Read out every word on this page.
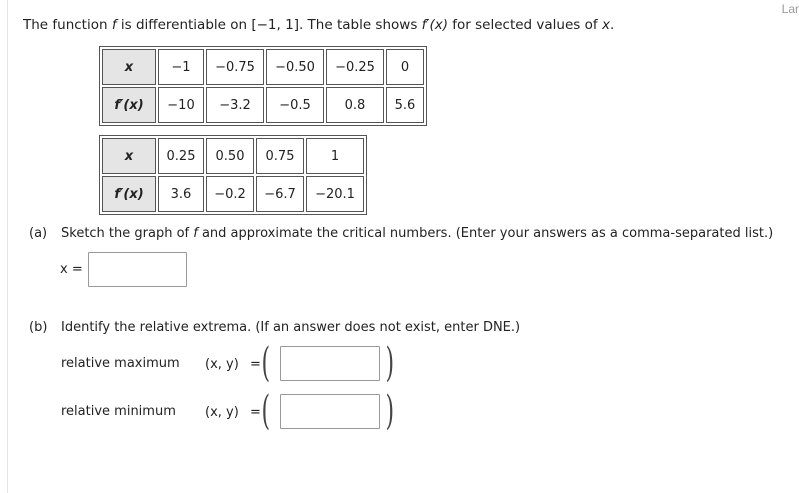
Lar
The function f is differentiable on [−1, 1]. The table shows f′(x) for selected values of x.
x	−1	−0.75	−0.50	−0.25	0
f′(x)	−10	−3.2	−0.5	0.8	5.6
x	0.25	0.50	0.75	1
f′(x)	3.6	−0.2	−6.7	−20.1
(a) Sketch the graph of f and approximate the critical numbers. (Enter your answers as a comma-separated list.)
x =
(b) Identify the relative extrema. (If an answer does not exist, enter DNE.)
relative maximum (x, y) = (	)
relative minimum (x, y) = (	)
